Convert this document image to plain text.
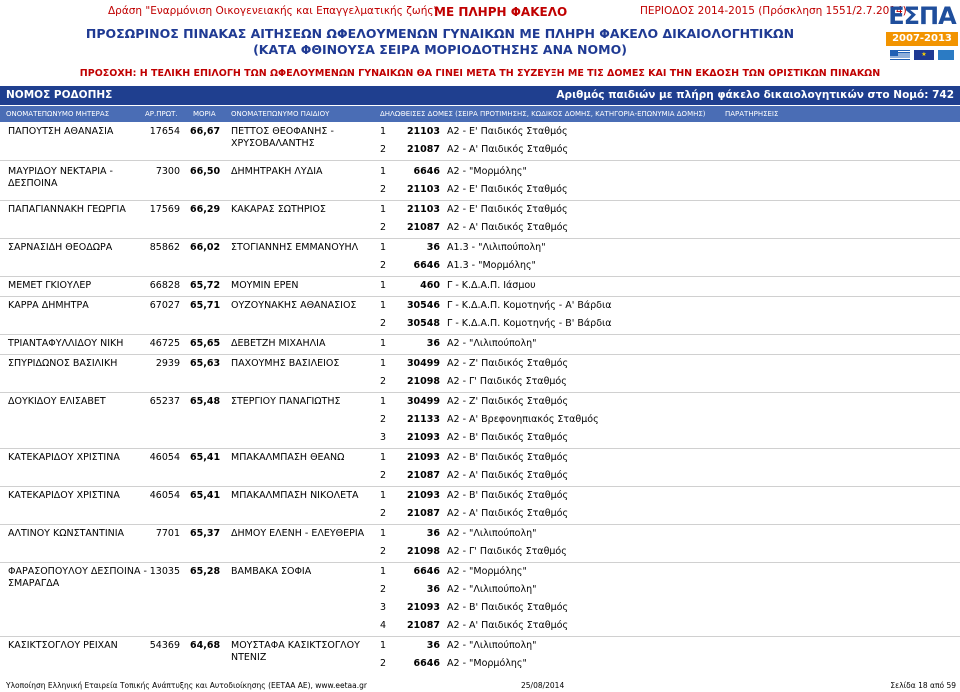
Δράση "Εναρμόνιση Οικογενειακής και Επαγγελματικής ζωής"
ΜΕ ΠΛΗΡΗ ΦΑΚΕΛΟ	ΠΕΡΙΟΔΟΣ 2014-2015 (Πρόσκληση 1551/2.7.2014)
ΠΡΟΣΩΡΙΝΟΣ ΠΙΝΑΚΑΣ ΑΙΤΗΣΕΩΝ ΩΦΕΛΟΥΜΕΝΩΝ ΓΥΝΑΙΚΩΝ ΜΕ ΠΛΗΡΗ ΦΑΚΕΛΟ ΔΙΚΑΙΟΛΟΓΗΤΙΚΩΝ
(ΚΑΤΑ ΦΘΙΝΟΥΣΑ ΣΕΙΡΑ ΜΟΡΙΟΔΟΤΗΣΗΣ ΑΝΑ ΝΟΜΟ)
ΠΡΟΣΟΧΗ: Η ΤΕΛΙΚΗ ΕΠΙΛΟΓΗ ΤΩΝ ΩΦΕΛΟΥΜΕΝΩΝ ΓΥΝΑΙΚΩΝ ΘΑ ΓΙΝΕΙ ΜΕΤΑ ΤΗ ΣΥΖΕΥΞΗ ΜΕ ΤΙΣ ΔΟΜΕΣ ΚΑΙ ΤΗΝ ΕΚΔΟΣΗ ΤΩΝ ΟΡΙΣΤΙΚΩΝ ΠΙΝΑΚΩΝ
ΕΣΠΑ
2007-2013
★
ΝΟΜΟΣ ΡΟΔΟΠΗΣ	Αριθμός παιδιών με πλήρη φάκελο δικαιολογητικών στο Νομό: 742
ΟΝΟΜΑΤΕΠΩΝΥΜΟ ΜΗΤΕΡΑΣ	ΑΡ.ΠΡΩΤ. ΜΟΡΙΑ ΟΝΟΜΑΤΕΠΩΝΥΜΟ ΠΑΙΔΙΟΥ	ΔΗΛΩΘΕΙΣΕΣ ΔΟΜΕΣ (ΣΕΙΡΑ ΠΡΟΤΙΜΗΣΗΣ, ΚΩΔΙΚΟΣ ΔΟΜΗΣ, ΚΑΤΗΓΟΡΙΑ-ΕΠΩΝΥΜΙΑ ΔΟΜΗΣ)	ΠΑΡΑΤΗΡΗΣΕΙΣ
ΠΑΠΟΥΤΣΗ ΑΘΑΝΑΣΙΑ	17654 66,67	ΠΕΤΤΟΣ ΘΕΟΦΑΝΗΣ - ΧΡΥΣΟΒΑΛΑΝΤΗΣ
1	21103 Α2 - Ε' Παιδικός Σταθμός
2	21087 Α2 - Α' Παιδικός Σταθμός
ΜΑΥΡΙΔΟΥ ΝΕΚΤΑΡΙΑ - ΔΕΣΠΟΙΝΑ
7300 66,50	ΔΗΜΗΤΡΑΚΗ ΛΥΔΙΑ	1	6646 Α2 - "Μορμόλης"
2	21103 Α2 - Ε' Παιδικός Σταθμός
ΠΑΠΑΓΙΑΝΝΑΚΗ ΓΕΩΡΓΙΑ	17569 66,29	ΚΑΚΑΡΑΣ ΣΩΤΗΡΙΟΣ	1	21103 Α2 - Ε' Παιδικός Σταθμός
2	21087 Α2 - Α' Παιδικός Σταθμός
ΣΑΡΝΑΣΙΔΗ ΘΕΟΔΩΡΑ	85862 66,02	ΣΤΟΓΙΑΝΝΗΣ ΕΜΜΑΝΟΥΗΛ	1	36 Α1.3 - "Λιλιπούπολη"
2	6646 Α1.3 - "Μορμόλης"
ΜΕΜΕΤ ΓΚΙΟΥΛΕΡ	66828 65,72	ΜΟΥΜΙΝ ΕΡΕΝ	1	460 Γ - Κ.Δ.Α.Π. Ιάσμου
ΚΑΡΡΑ ΔΗΜΗΤΡΑ	67027 65,71	ΟΥΖΟΥΝΑΚΗΣ ΑΘΑΝΑΣΙΟΣ	1	30546 Γ - Κ.Δ.Α.Π. Κομοτηνής - Α' Βάρδια
2	30548 Γ - Κ.Δ.Α.Π. Κομοτηνής - Β' Βάρδια
ΤΡΙΑΝΤΑΦΥΛΛΙΔΟΥ ΝΙΚΗ	46725 65,65	ΔΕΒΕΤΖΗ ΜΙΧΑΗΛΙΑ	1	36 Α2 - "Λιλιπούπολη"
ΣΠΥΡΙΔΩΝΟΣ ΒΑΣΙΛΙΚΗ	2939 65,63	ΠΑΧΟΥΜΗΣ ΒΑΣΙΛΕΙΟΣ	1	30499 Α2 - Ζ' Παιδικός Σταθμός
2	21098 Α2 - Γ' Παιδικός Σταθμός
ΔΟΥΚΙΔΟΥ ΕΛΙΣΑΒΕΤ	65237 65,48	ΣΤΕΡΓΙΟΥ ΠΑΝΑΓΙΩΤΗΣ	1	30499 Α2 - Ζ' Παιδικός Σταθμός
2	21133 Α2 - Α' Βρεφονηπιακός Σταθμός
3	21093 Α2 - Β' Παιδικός Σταθμός
ΚΑΤΕΚΑΡΙΔΟΥ ΧΡΙΣΤΙΝΑ	46054 65,41	ΜΠΑΚΑΛΜΠΑΣΗ ΘΕΑΝΩ	1	21093 Α2 - Β' Παιδικός Σταθμός
2	21087 Α2 - Α' Παιδικός Σταθμός
ΚΑΤΕΚΑΡΙΔΟΥ ΧΡΙΣΤΙΝΑ	46054 65,41	ΜΠΑΚΑΛΜΠΑΣΗ ΝΙΚΟΛΕΤΑ	1	21093 Α2 - Β' Παιδικός Σταθμός
2	21087 Α2 - Α' Παιδικός Σταθμός
ΑΛΤΙΝΟΥ ΚΩΝΣΤΑΝΤΙΝΙΑ	7701 65,37	ΔΗΜΟΥ ΕΛΕΝΗ - ΕΛΕΥΘΕΡΙΑ	1	36 Α2 - "Λιλιπούπολη"
2	21098 Α2 - Γ' Παιδικός Σταθμός
ΦΑΡΑΣΟΠΟΥΛΟΥ ΔΕΣΠΟΙΝΑ - ΣΜΑΡΑΓΔΑ
13035 65,28	ΒΑΜΒΑΚΑ ΣΟΦΙΑ	1	6646 Α2 - "Μορμόλης"
2	36 Α2 - "Λιλιπούπολη"
3	21093 Α2 - Β' Παιδικός Σταθμός
4	21087 Α2 - Α' Παιδικός Σταθμός
ΚΑΣΙΚΤΣΟΓΛΟΥ ΡΕΙΧΑΝ	54369 64,68	ΜΟΥΣΤΑΦΑ ΚΑΣΙΚΤΣΟΓΛΟΥ ΝΤΕΝΙΖ
1	36 Α2 - "Λιλιπούπολη"
2	6646 Α2 - "Μορμόλης"
Υλοποίηση Ελληνική Εταιρεία Τοπικής Ανάπτυξης και Αυτοδιοίκησης (ΕΕΤΑΑ ΑΕ), www.eetaa.gr	25/08/2014	Σελίδα 18 από 59
